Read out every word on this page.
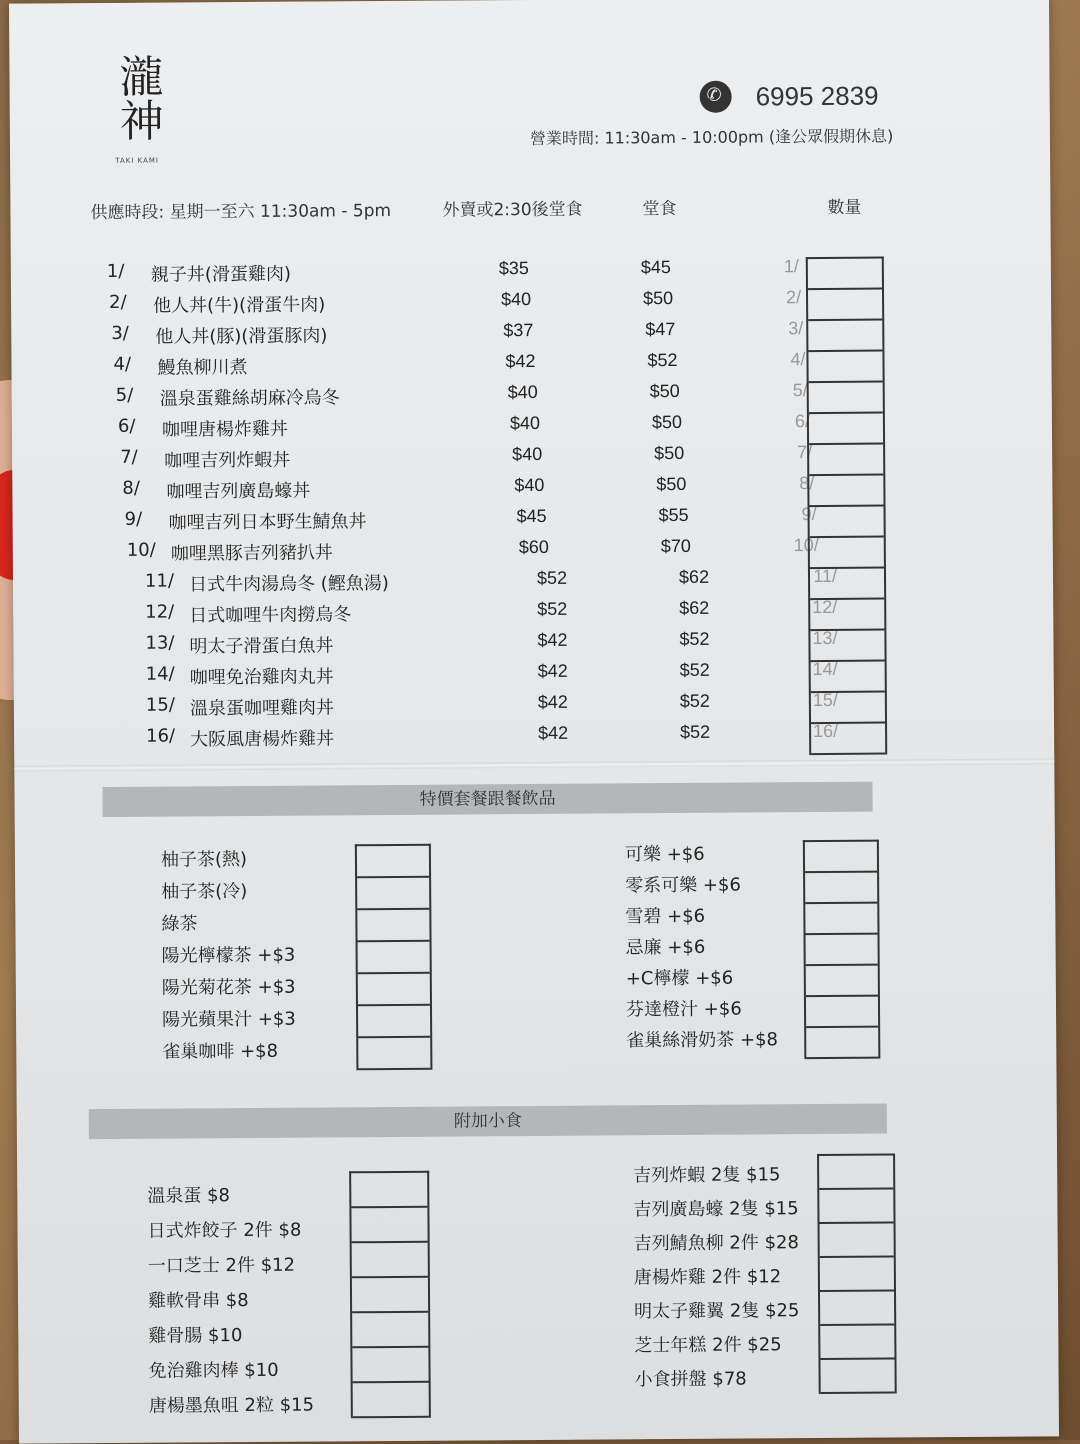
瀧神
TAKI KAMI
✆
6995 2839
營業時間: 11:30am - 10:00pm (逢公眾假期休息)
供應時段: 星期一至六 11:30am - 5pm	外賣或2:30後堂食	堂食	數量
1/	親子丼(滑蛋雞肉)	$35	$45	1/
2/	他人丼(牛)(滑蛋牛肉)	$40	$50	2/
3/	他人丼(豚)(滑蛋豚肉)	$37	$47	3/
4/	鰻魚柳川煮	$42	$52	4/
5/	溫泉蛋雞絲胡麻冷烏冬	$40	$50	5/
6/	咖哩唐楊炸雞丼	$40	$50	6/
7/	咖哩吉列炸蝦丼	$40	$50	7/
8/	咖哩吉列廣島蠔丼	$40	$50	8/
9/	咖哩吉列日本野生鯖魚丼	$45	$55	9/
10/ 咖哩黑豚吉列豬扒丼	$60	$70	10/
11/ 日式牛肉湯烏冬 (鰹魚湯)	$52	$62	11/
12/ 日式咖哩牛肉撈烏冬	$52	$62	12/
13/ 明太子滑蛋白魚丼	$42	$52	13/
14/ 咖哩免治雞肉丸丼	$42	$52	14/
15/ 溫泉蛋咖哩雞肉丼	$42	$52	15/
16/ 大阪風唐楊炸雞丼	$42	$52	16/
特價套餐跟餐飲品
柚子茶(熱)
柚子茶(冷)
綠茶
陽光檸檬茶 +$3
陽光菊花茶 +$3
陽光蘋果汁 +$3
雀巢咖啡 +$8
可樂 +$6
零系可樂 +$6
雪碧 +$6
忌廉 +$6
+C檸檬 +$6
芬達橙汁 +$6
雀巢絲滑奶茶 +$8
附加小食
溫泉蛋 $8
日式炸餃子 2件 $8
一口芝士 2件 $12
雞軟骨串 $8
雞骨腸 $10
免治雞肉棒 $10
唐楊墨魚咀 2粒 $15
吉列炸蝦 2隻 $15
吉列廣島蠔 2隻 $15
吉列鯖魚柳 2件 $28
唐楊炸雞 2件 $12
明太子雞翼 2隻 $25
芝士年糕 2件 $25
小食拼盤 $78
